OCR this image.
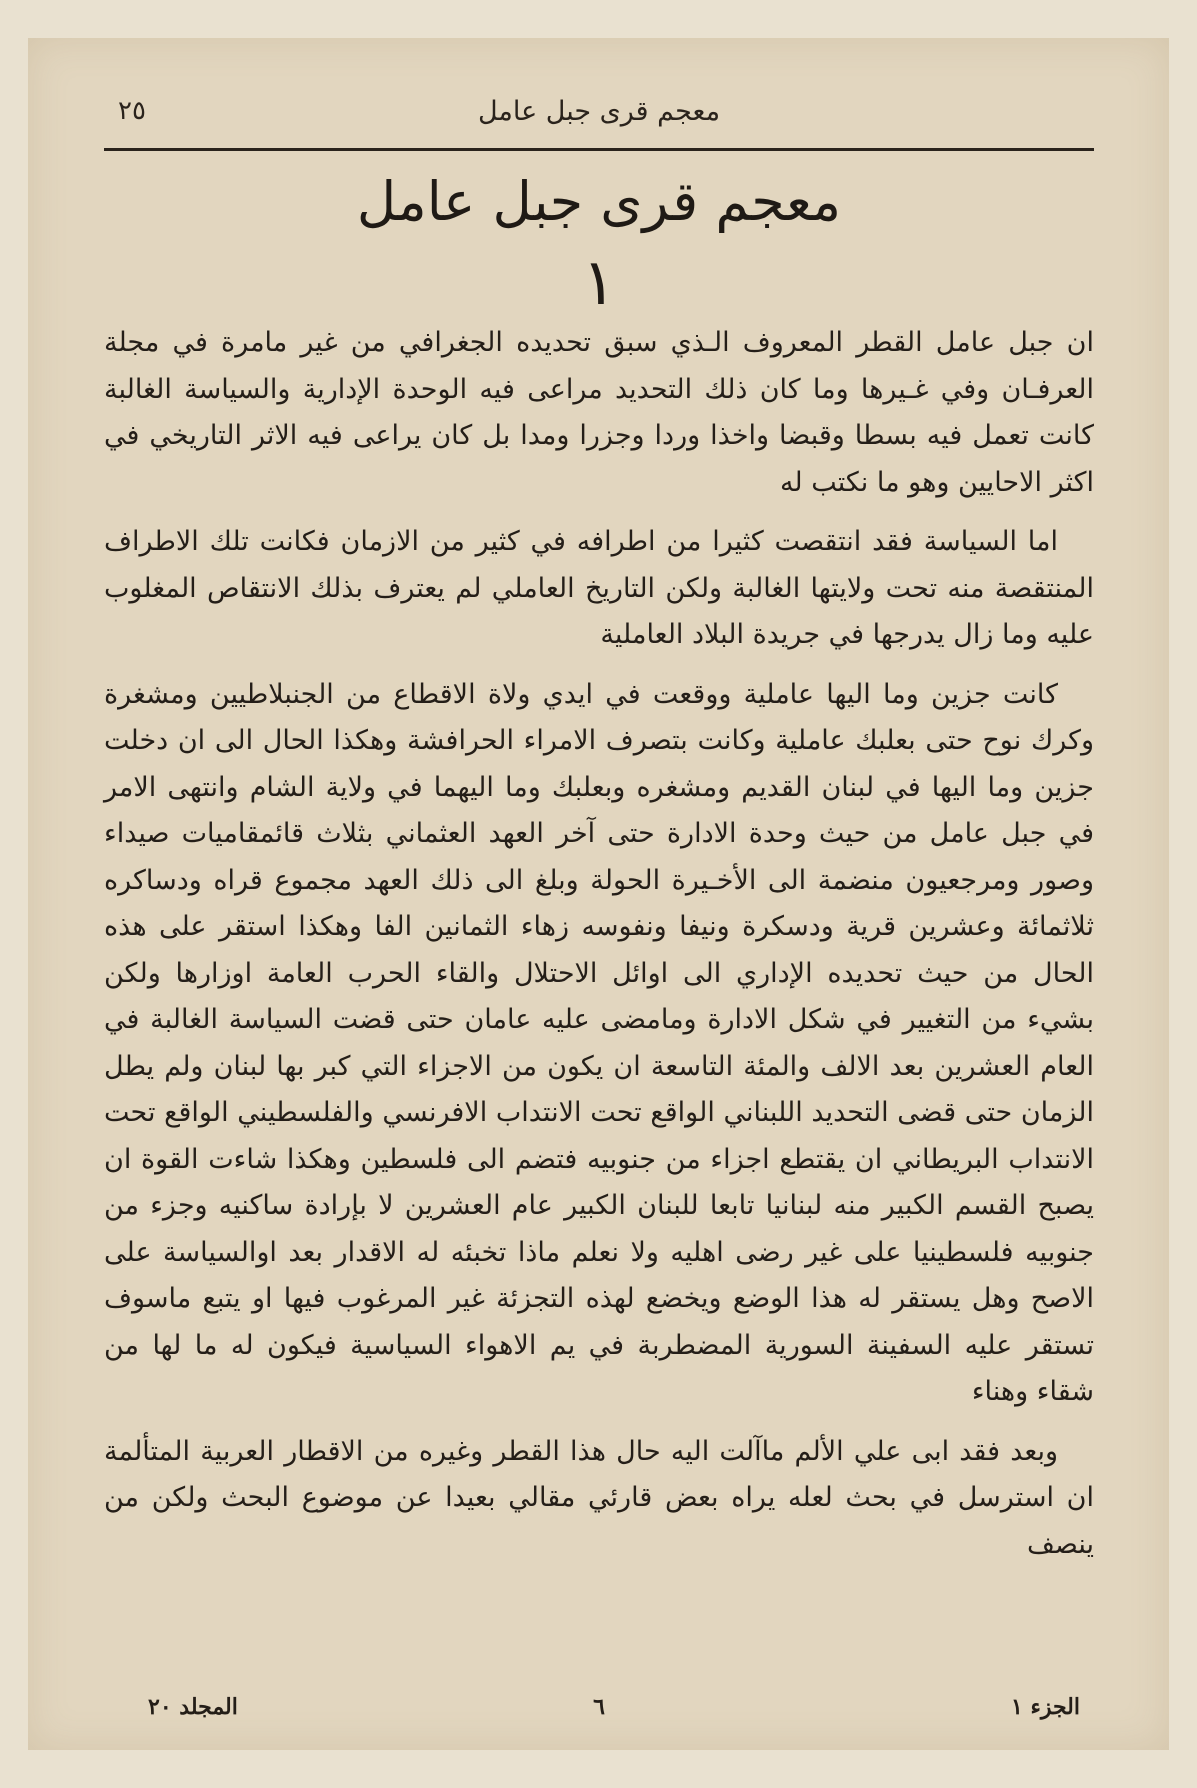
معجم قرى جبل عامل
٢٥
معجم قرى جبل عامل
١

ان جبل عامل القطر المعروف الـذي سبق تحديده الجغرافي من غير مامرة في مجلة العرفـان وفي غـيرها وما كان ذلك التحديد مراعى فيه الوحدة الإدارية والسياسة الغالبة كانت تعمل فيه بسطا وقبضا واخذا وردا وجزرا ومدا بل كان يراعى فيه الاثر التاريخي في اكثر الاحايين وهو ما نكتب له

اما السياسة فقد انتقصت كثيرا من اطرافه في كثير من الازمان فكانت تلك الاطراف المنتقصة منه تحت ولايتها الغالبة ولكن التاريخ العاملي لم يعترف بذلك الانتقاص المغلوب عليه وما زال يدرجها في جريدة البلاد العاملية

كانت جزين وما اليها عاملية ووقعت في ايدي ولاة الاقطاع من الجنبلاطيين ومشغرة وكرك نوح حتى بعلبك عاملية وكانت بتصرف الامراء الحرافشة وهكذا الحال الى ان دخلت جزين وما اليها في لبنان القديم ومشغره وبعلبك وما اليهما في ولاية الشام وانتهى الامر في جبل عامل من حيث وحدة الادارة حتى آخر العهد العثماني بثلاث قائمقاميات صيداء وصور ومرجعيون منضمة الى الأخـيرة الحولة وبلغ الى ذلك العهد مجموع قراه ودساكره ثلاثمائة وعشرين قرية ودسكرة ونيفا ونفوسه زهاء الثمانين الفا وهكذا استقر على هذه الحال من حيث تحديده الإداري الى اوائل الاحتلال والقاء الحرب العامة اوزارها ولكن بشيء من التغيير في شكل الادارة ومامضى عليه عامان حتى قضت السياسة الغالبة في العام العشرين بعد الالف والمئة التاسعة ان يكون من الاجزاء التي كبر بها لبنان ولم يطل الزمان حتى قضى التحديد اللبناني الواقع تحت الانتداب الافرنسي والفلسطيني الواقع تحت الانتداب البريطاني ان يقتطع اجزاء من جنوبيه فتضم الى فلسطين وهكذا شاءت القوة ان يصبح القسم الكبير منه لبنانيا تابعا للبنان الكبير عام العشرين لا بإرادة ساكنيه وجزء من جنوبيه فلسطينيا على غير رضى اهليه ولا نعلم ماذا تخبئه له الاقدار بعد اوالسياسة على الاصح وهل يستقر له هذا الوضع ويخضع لهذه التجزئة غير المرغوب فيها او يتبع ماسوف تستقر عليه السفينة السورية المضطربة في يم الاهواء السياسية فيكون له ما لها من شقاء وهناء

وبعد فقد ابى علي الألم ماآلت اليه حال هذا القطر وغيره من الاقطار العربية المتألمة ان استرسل في بحث لعله يراه بعض قارئي مقالي بعيدا عن موضوع البحث ولكن من ينصف

الجزء ١
٦
المجلد ٢٠
